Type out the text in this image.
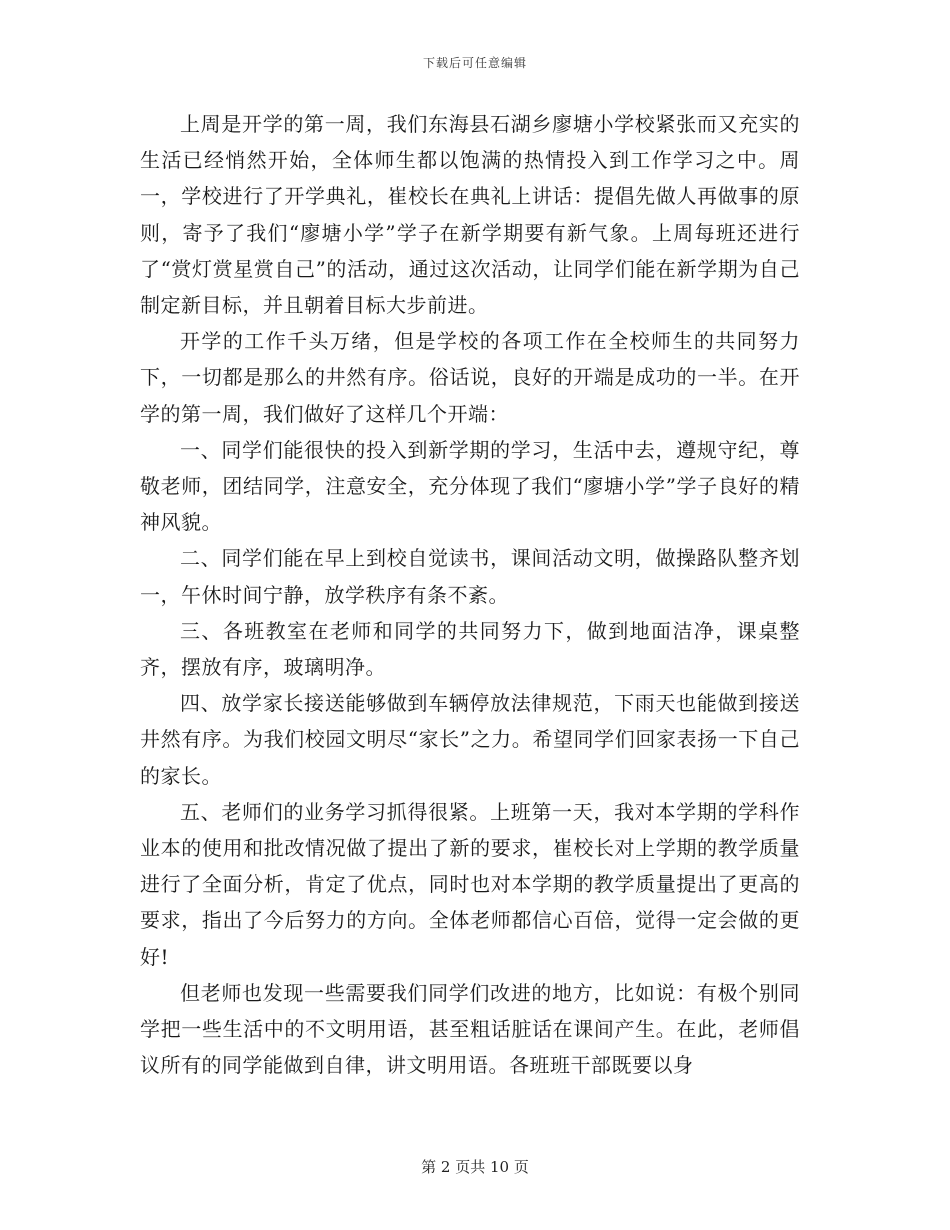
下载后可任意编辑

上周是开学的第一周，我们东海县石湖乡廖塘小学校紧张而又充实的生活已经悄然开始，全体师生都以饱满的热情投入到工作学习之中。周一，学校进行了开学典礼，崔校长在典礼上讲话：提倡先做人再做事的原则，寄予了我们“廖塘小学”学子在新学期要有新气象。上周每班还进行了“赏灯赏星赏自己”的活动，通过这次活动，让同学们能在新学期为自己制定新目标，并且朝着目标大步前进。

开学的工作千头万绪，但是学校的各项工作在全校师生的共同努力下，一切都是那么的井然有序。俗话说，良好的开端是成功的一半。在开学的第一周，我们做好了这样几个开端：

一、同学们能很快的投入到新学期的学习，生活中去，遵规守纪，尊敬老师，团结同学，注意安全，充分体现了我们“廖塘小学”学子良好的精神风貌。

二、同学们能在早上到校自觉读书，课间活动文明，做操路队整齐划一，午休时间宁静，放学秩序有条不紊。

三、各班教室在老师和同学的共同努力下，做到地面洁净，课桌整齐，摆放有序，玻璃明净。

四、放学家长接送能够做到车辆停放法律规范，下雨天也能做到接送井然有序。为我们校园文明尽“家长”之力。希望同学们回家表扬一下自己的家长。

五、老师们的业务学习抓得很紧。上班第一天，我对本学期的学科作业本的使用和批改情况做了提出了新的要求，崔校长对上学期的教学质量进行了全面分析，肯定了优点，同时也对本学期的教学质量提出了更高的要求，指出了今后努力的方向。全体老师都信心百倍，觉得一定会做的更好!

但老师也发现一些需要我们同学们改进的地方，比如说：有极个别同学把一些生活中的不文明用语，甚至粗话脏话在课间产生。在此，老师倡议所有的同学能做到自律，讲文明用语。各班班干部既要以身

第 2 页共 10 页
